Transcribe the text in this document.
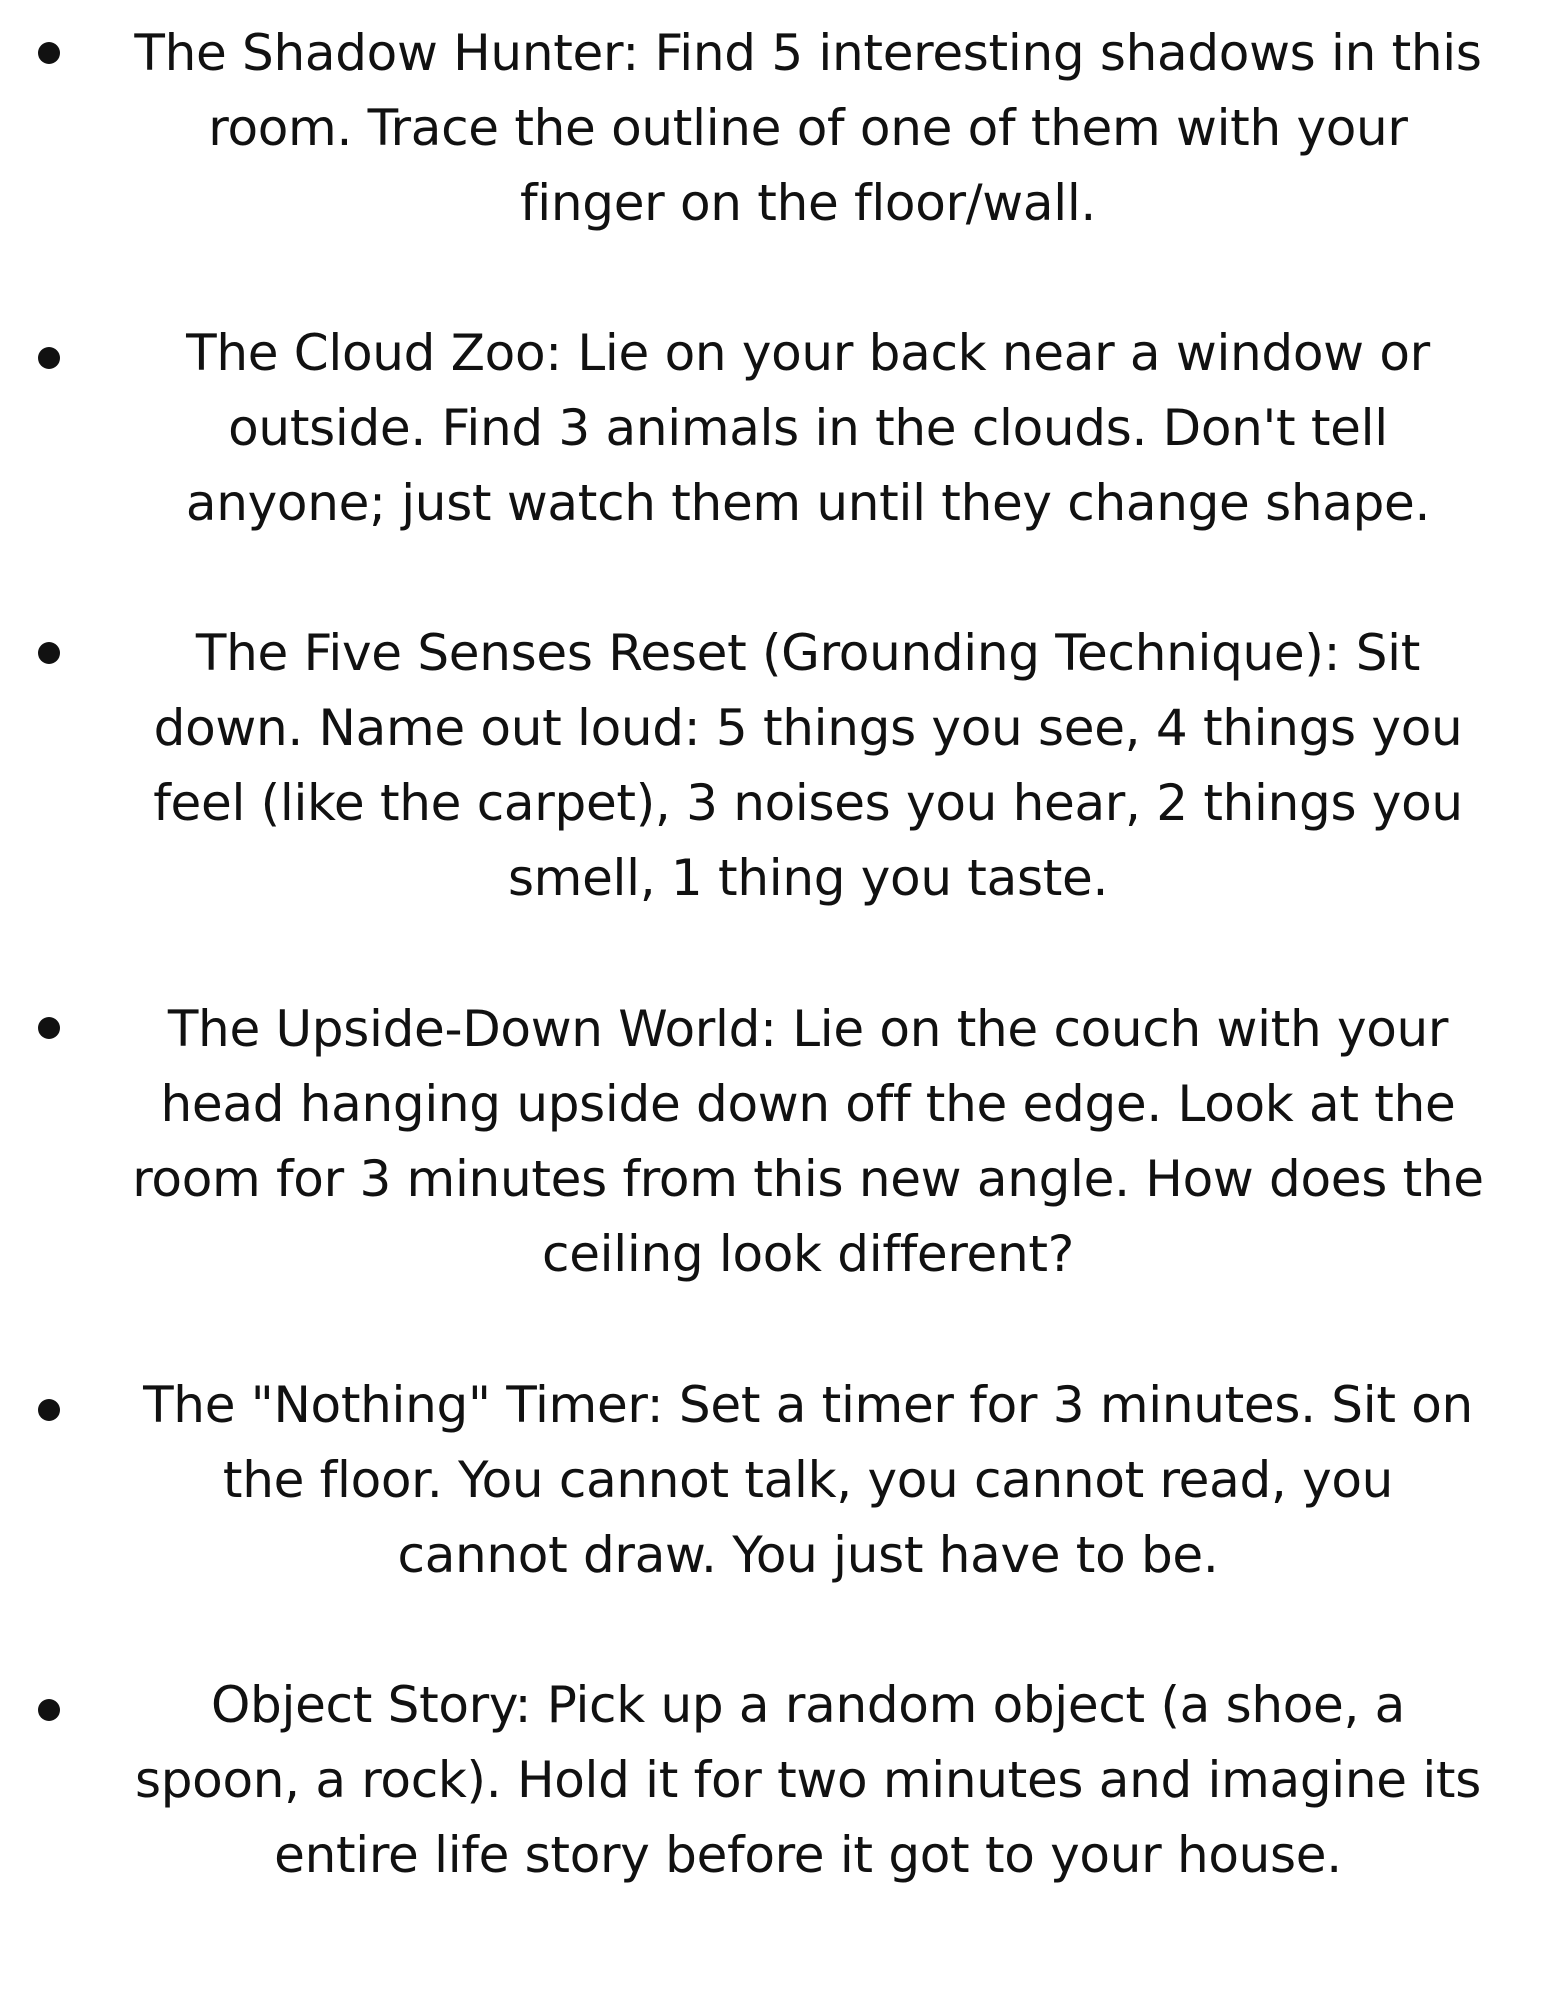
The Shadow Hunter: Find 5 interesting shadows in this
room. Trace the outline of one of them with your
finger on the floor/wall.

The Cloud Zoo: Lie on your back near a window or
outside. Find 3 animals in the clouds. Don't tell
anyone; just watch them until they change shape.

The Five Senses Reset (Grounding Technique): Sit
down. Name out loud: 5 things you see, 4 things you
feel (like the carpet), 3 noises you hear, 2 things you
smell, 1 thing you taste.

The Upside-Down World: Lie on the couch with your
head hanging upside down off the edge. Look at the
room for 3 minutes from this new angle. How does the
ceiling look different?

The "Nothing" Timer: Set a timer for 3 minutes. Sit on
the floor. You cannot talk, you cannot read, you
cannot draw. You just have to be.

Object Story: Pick up a random object (a shoe, a
spoon, a rock). Hold it for two minutes and imagine its
entire life story before it got to your house.
